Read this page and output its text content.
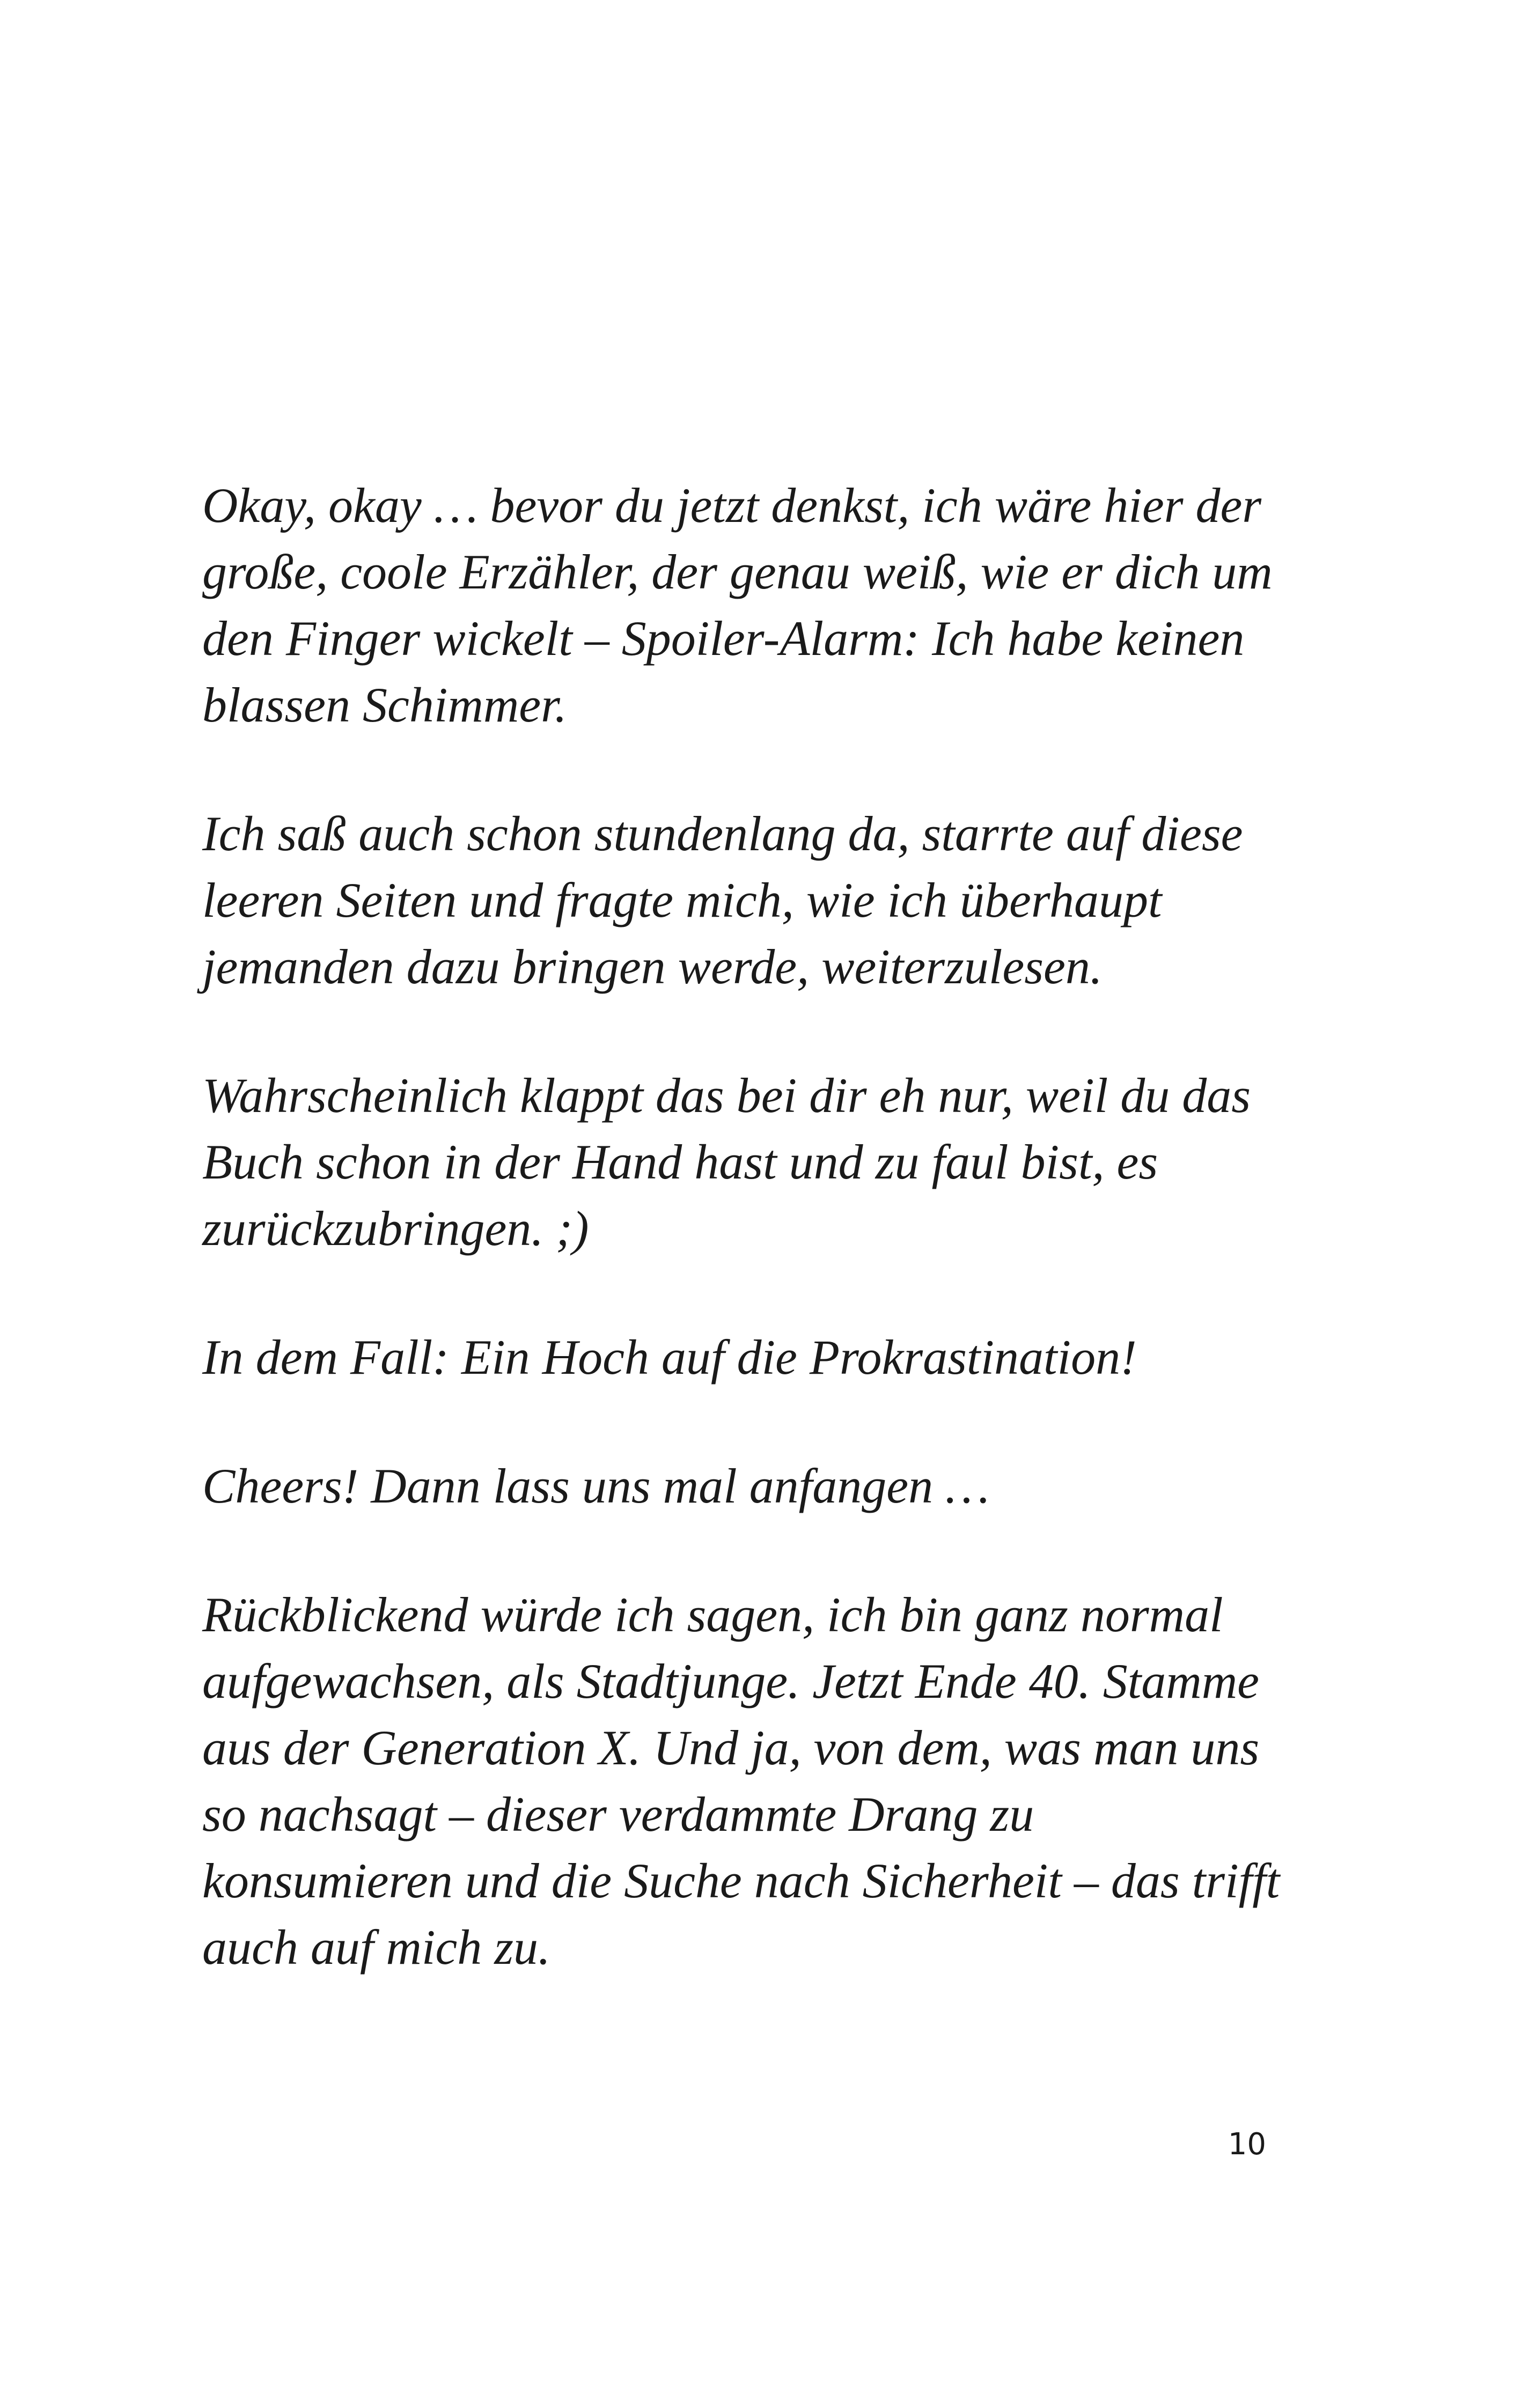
Okay, okay … bevor du jetzt denkst, ich wäre hier der
große, coole Erzähler, der genau weiß, wie er dich um
den Finger wickelt – Spoiler-Alarm: Ich habe keinen
blassen Schimmer.
Ich saß auch schon stundenlang da, starrte auf diese
leeren Seiten und fragte mich, wie ich überhaupt
jemanden dazu bringen werde, weiterzulesen.
Wahrscheinlich klappt das bei dir eh nur, weil du das
Buch schon in der Hand hast und zu faul bist, es
zurückzubringen. ;)
In dem Fall: Ein Hoch auf die Prokrastination!
Cheers! Dann lass uns mal anfangen …
Rückblickend würde ich sagen, ich bin ganz normal
aufgewachsen, als Stadtjunge. Jetzt Ende 40. Stamme
aus der Generation X. Und ja, von dem, was man uns
so nachsagt – dieser verdammte Drang zu
konsumieren und die Suche nach Sicherheit – das trifft
auch auf mich zu.
10
